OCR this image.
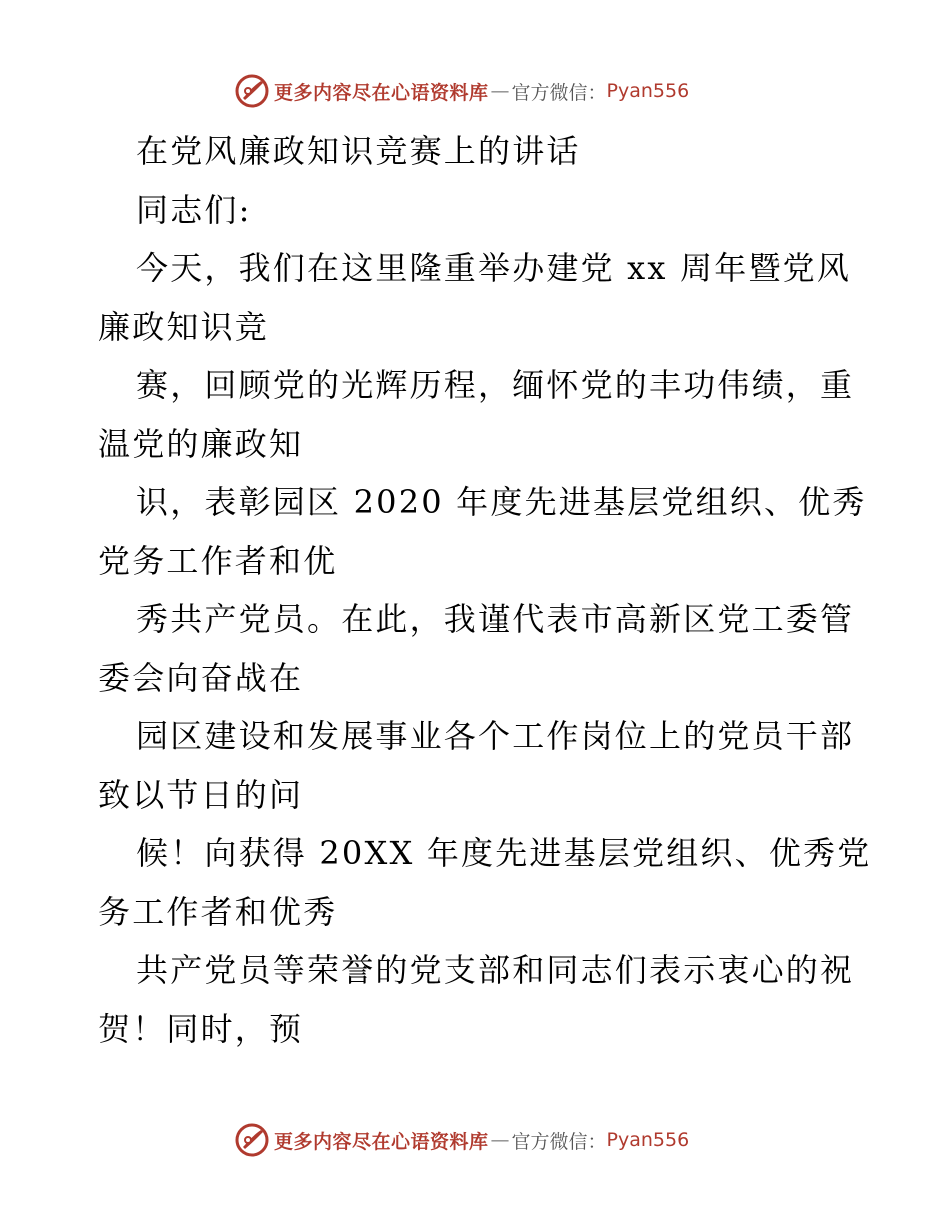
更多内容尽在心语资料库 — 官方微信： Pyan556
在党风廉政知识竞赛上的讲话
同志们:
今天，我们在这里隆重举办建党 xx 周年暨党风
廉政知识竞
赛，回顾党的光辉历程，缅怀党的丰功伟绩，重
温党的廉政知
识，表彰园区 2020 年度先进基层党组织、优秀
党务工作者和优
秀共产党员。在此，我谨代表市高新区党工委管
委会向奋战在
园区建设和发展事业各个工作岗位上的党员干部
致以节日的问
候！向获得 20XX 年度先进基层党组织、优秀党
务工作者和优秀
共产党员等荣誉的党支部和同志们表示衷心的祝
贺！同时，预
更多内容尽在心语资料库 — 官方微信： Pyan556
